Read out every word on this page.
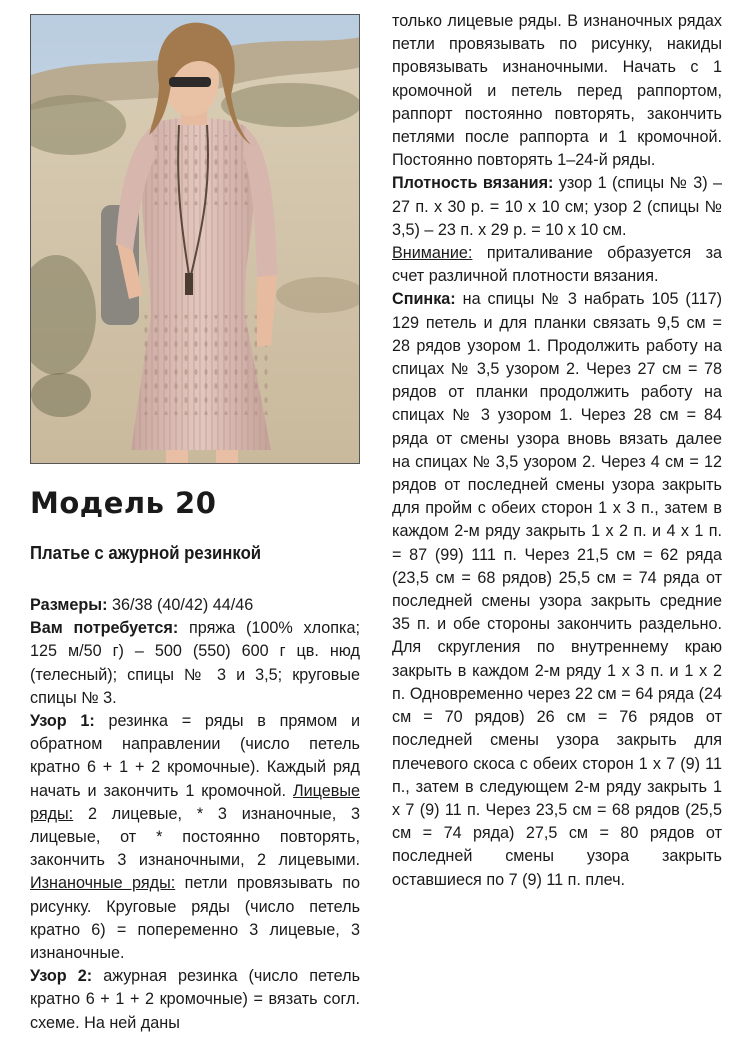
Модель 20
Платье с ажурной резинкой

Размеры: 36/38 (40/42) 44/46

Вам потребуется: пряжа (100% хлопка; 125 м/50 г) – 500 (550) 600 г цв. нюд (телесный); спицы № 3 и 3,5; круговые спицы № 3.

Узор 1: резинка = ряды в прямом и обратном направлении (число петель кратно 6 + 1 + 2 кромочные). Каждый ряд начать и закончить 1 кромочной. Лицевые ряды: 2 лицевые, * 3 изнаночные, 3 лицевые, от * постоянно повторять, закончить 3 изнаночными, 2 лицевыми. Изнаночные ряды: петли провязывать по рисунку. Круговые ряды (число петель кратно 6) = попеременно 3 лицевые, 3 изнаночные.

Узор 2: ажурная резинка (число петель кратно 6 + 1 + 2 кромочные) = вязать согл. схеме. На ней даны

только лицевые ряды. В изнаночных рядах петли провязывать по рисунку, накиды провязывать изнаночными. Начать с 1 кромочной и петель перед раппортом, раппорт постоянно повторять, закончить петлями после раппорта и 1 кромочной. Постоянно повторять 1–24-й ряды.

Плотность вязания: узор 1 (спицы № 3) – 27 п. х 30 р. = 10 х 10 см; узор 2 (спицы № 3,5) – 23 п. х 29 р. = 10 х 10 см.

Внимание: приталивание образуется за счет различной плотности вязания.

Спинка: на спицы № 3 набрать 105 (117) 129 петель и для планки связать 9,5 см = 28 рядов узором 1. Продолжить работу на спицах № 3,5 узором 2. Через 27 см = 78 рядов от планки продолжить работу на спицах № 3 узором 1. Через 28 см = 84 ряда от смены узора вновь вязать далее на спицах № 3,5 узором 2. Через 4 см = 12 рядов от последней смены узора закрыть для пройм с обеих сторон 1 х 3 п., затем в каждом 2-м ряду закрыть 1 х 2 п. и 4 х 1 п. = 87 (99) 111 п. Через 21,5 см = 62 ряда (23,5 см = 68 рядов) 25,5 см = 74 ряда от последней смены узора закрыть средние 35 п. и обе стороны закончить раздельно. Для скругления по внутреннему краю закрыть в каждом 2-м ряду 1 х 3 п. и 1 х 2 п. Одновременно через 22 см = 64 ряда (24 см = 70 рядов) 26 см = 76 рядов от последней смены узора закрыть для плечевого скоса с обеих сторон 1 х 7 (9) 11 п., затем в следующем 2-м ряду закрыть 1 х 7 (9) 11 п. Через 23,5 см = 68 рядов (25,5 см = 74 ряда) 27,5 см = 80 рядов от последней смены узора закрыть оставшиеся по 7 (9) 11 п. плеч.
